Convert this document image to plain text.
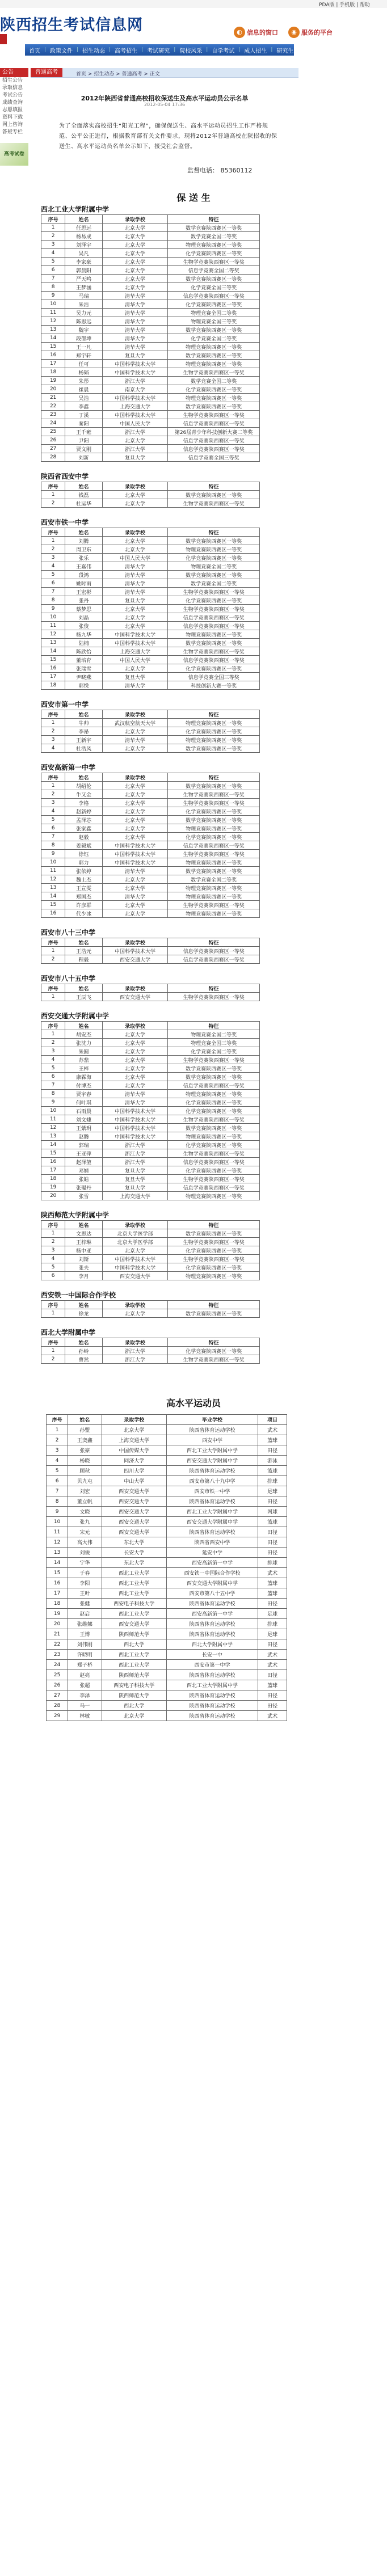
PDA版 | 手机版 | 帮助
陕西招生考试信息网	◐ 信息的窗口	◉ 服务的平台
首页 | 政策文件 | 招生动态 | 高考招生 | 考试研究 | 院校风采 | 自学考试 | 成人招生 | 研究生
公告
招生公告
录取信息
考试公告
成绩查询
志愿填报
资料下载
网上咨询
答疑专栏
高考试卷
普通高考	首页 > 招生动态 > 普通高考 > 正文
2012年陕西省普通高校招收保送生及高水平运动员公示名单
2012-05-04 17:36
为了全面落实高校招生“阳光工程”，确保保送生、高水平运动员招生工作严格规范、公平公正进行，根据教育部有关文件要求，现将2012年普通高校在陕招收的保送生、高水平运动员名单公示如下，接受社会监督。
监督电话： 85360112
保 送 生
西北工业大学附属中学
序号	姓名	录取学校	特征
1	任思远	北京大学	数学竞赛陕西赛区一等奖
2	杨易成	北京大学	数学竞赛全国二等奖
3	刘泽宇	北京大学	物理竞赛陕西赛区一等奖
4	吴凡	北京大学	化学竞赛陕西赛区一等奖
5	李家豪	北京大学	生物学竞赛陕西赛区一等奖
6	郭晨阳	北京大学	信息学竞赛全国二等奖
7	严天鸣	北京大学	数学竞赛陕西赛区一等奖
8	王梦涵	北京大学	化学竞赛全国三等奖
9	马瑞	清华大学	信息学竞赛陕西赛区一等奖
10	朱浩	清华大学	化学竞赛陕西赛区一等奖
11	吴力元	清华大学	物理竞赛全国二等奖
12	陈思远	清华大学	物理竞赛全国三等奖
13	魏宇	清华大学	数学竞赛陕西赛区一等奖
14	段邵坤	清华大学	化学竞赛全国二等奖
15	王一凡	清华大学	物理竞赛陕西赛区一等奖
16	郑宇轩	复旦大学	数学竞赛陕西赛区一等奖
17	任可	中国科学技术大学	物理竞赛陕西赛区一等奖
18	杨韬	中国科学技术大学	生物学竞赛陕西赛区一等奖
19	朱彤	浙江大学	数学竞赛全国二等奖
20	崔晨	南京大学	化学竞赛陕西赛区一等奖
21	吴浩	中国科学技术大学	物理竞赛陕西赛区一等奖
22	李鑫	上海交通大学	数学竞赛陕西赛区一等奖
23	丁溪	中国科学技术大学	生物学竞赛陕西赛区一等奖
24	秦阳	中国人民大学	信息学竞赛陕西赛区一等奖
25	王千雍	浙江大学	第26届青少年科技创新大赛二等奖
26	尹阳	北京大学	信息学竞赛陕西赛区一等奖
27	贾文刚	浙江大学	信息学竞赛陕西赛区一等奖
28	刘新	复旦大学	信息学竞赛全国三等奖
陕西省西安中学
序号	姓名	录取学校	特征
1	钱磊	北京大学	数学竞赛陕西赛区一等奖
2	杜运华	北京大学	生物学竞赛陕西赛区一等奖
西安市铁一中学
序号	姓名	录取学校	特征
1	刘腾	北京大学	数学竞赛陕西赛区一等奖
2	周卫东	北京大学	物理竞赛陕西赛区一等奖
3	张乐	中国人民大学	化学竞赛陕西赛区一等奖
4	王嘉伟	清华大学	物理竞赛全国二等奖
5	段鸿	清华大学	数学竞赛陕西赛区一等奖
6	姚时雨	清华大学	数学竞赛全国二等奖
7	王宏彬	清华大学	生物学竞赛陕西赛区一等奖
8	张丹	复旦大学	化学竞赛陕西赛区一等奖
9	蔡梦思	北京大学	生物学竞赛陕西赛区一等奖
10	刘晶	北京大学	信息学竞赛陕西赛区一等奖
11	张俊	北京大学	信息学竞赛陕西赛区一等奖
12	杨九华	中国科学技术大学	物理竞赛陕西赛区一等奖
13	陆楠	中国科学技术大学	数学竞赛陕西赛区一等奖
14	陈欣怡	上海交通大学	生物学竞赛陕西赛区一等奖
15	董培育	中国人民大学	信息学竞赛陕西赛区一等奖
16	张瑞雪	北京大学	化学竞赛陕西赛区一等奖
17	尹晓燕	复旦大学	信息学竞赛全国三等奖
18	郭悦	清华大学	科技创新大赛一等奖
西安市第一中学
序号	姓名	录取学校	特征
1	牛帅	武汉航空航天大学	物理竞赛陕西赛区一等奖
2	李昂	北京大学	化学竞赛陕西赛区一等奖
3	王新宇	清华大学	物理竞赛陕西赛区一等奖
4	杜浩风	北京大学	数学竞赛陕西赛区一等奖
西安高新第一中学
序号	姓名	录取学校	特征
1	胡绍伦	北京大学	数学竞赛陕西赛区一等奖
2	牛又金	北京大学	生物学竞赛陕西赛区一等奖
3	李格	北京大学	生物学竞赛陕西赛区一等奖
4	赵新婷	北京大学	化学竞赛陕西赛区一等奖
5	孟泽芯	北京大学	数学竞赛陕西赛区一等奖
6	张家鑫	北京大学	物理竞赛陕西赛区一等奖
7	赵毅	北京大学	化学竞赛陕西赛区一等奖
8	姜毅斌	中国科学技术大学	信息学竞赛陕西赛区一等奖
9	徐钰	中国科学技术大学	生物学竞赛陕西赛区一等奖
10	郭力	中国科学技术大学	物理竞赛陕西赛区一等奖
11	张依婷	清华大学	数学竞赛陕西赛区一等奖
12	魏士杰	北京大学	数学竞赛全国二等奖
13	王宣雯	北京大学	物理竞赛陕西赛区一等奖
14	郑国杰	清华大学	物理竞赛陕西赛区一等奖
15	许彦群	北京大学	生物学竞赛陕西赛区一等奖
16	代少冰	北京大学	物理竞赛陕西赛区一等奖
西安市八十三中学
序号	姓名	录取学校	特征
1	王浩元	中国科学技术大学	信息学竞赛陕西赛区一等奖
2	程毅	西安交通大学	信息学竞赛陕西赛区一等奖
西安市八十五中学
序号	姓名	录取学校	特征
1	王辰飞	西安交通大学	生物学竞赛陕西赛区一等奖
西安交通大学附属中学
序号	姓名	录取学校	特征
1	胡安杰	北京大学	物理竞赛全国二等奖
2	张沈力	北京大学	物理竞赛全国三等奖
3	朱圆	北京大学	化学竞赛全国二等奖
4	苏鼎	北京大学	生物学竞赛陕西赛区一等奖
5	王梓	北京大学	数学竞赛陕西赛区一等奖
6	康霖海	北京大学	数学竞赛陕西赛区一等奖
7	付博杰	北京大学	信息学竞赛陕西赛区一等奖
8	贾宇春	清华大学	物理竞赛陕西赛区一等奖
9	何叶琪	清华大学	化学竞赛陕西赛区一等奖
10	石雨晨	中国科学技术大学	化学竞赛陕西赛区一等奖
11	刘文婕	中国科学技术大学	生物学竞赛陕西赛区一等奖
12	王紫玥	中国科学技术大学	数学竞赛陕西赛区一等奖
13	赵腾	中国科学技术大学	物理竞赛陕西赛区一等奖
14	郭瑞	浙江大学	化学竞赛陕西赛区一等奖
15	王亚萍	浙江大学	生物学竞赛陕西赛区一等奖
16	赵泽堃	浙江大学	信息学竞赛陕西赛区一等奖
17	邓婧	复旦大学	化学竞赛陕西赛区一等奖
18	张皓	复旦大学	生物学竞赛陕西赛区一等奖
19	张韫丹	复旦大学	信息学竞赛陕西赛区一等奖
20	张雪	上海交通大学	物理竞赛陕西赛区一等奖
陕西师范大学附属中学
序号	姓名	录取学校	特征
1	文思达	北京大学医学部	数学竞赛陕西赛区一等奖
2	王梓琳	北京大学医学部	生物学竞赛陕西赛区一等奖
3	杨中亚	北京大学	化学竞赛陕西赛区一等奖
4	刘斯	中国科学技术大学	生物学竞赛陕西赛区一等奖
5	张夫	中国科学技术大学	化学竞赛陕西赛区一等奖
6	李月	西安交通大学	物理竞赛陕西赛区一等奖
西安铁一中国际合作学校
序号	姓名	录取学校	特征
1	徐龙	北京大学	数学竞赛陕西赛区一等奖
西北大学附属中学
序号	姓名	录取学校	特征
1	孙岭	浙江大学	化学竞赛陕西赛区一等奖
2	曹然	浙江大学	生物学竞赛陕西赛区一等奖
高水平运动员
序号	姓名	录取学校	毕业学校	项目
1	孙盟	北京大学	陕西省体育运动学校	武术
2	王奕鑫	上海交通大学	西安中学	篮球
3	张豪	中国传媒大学	西北工业大学附属中学	田径
4	杨晓	同济大学	西安交通大学附属中学	游泳
5	顾秋	四川大学	陕西省体育运动学校	篮球
6	贝九屯	中山大学	西安市第八十九中学	排球
7	刘宏	西安交通大学	西安市铁一中学	足球
8	董立帆	西安交通大学	陕西省体育运动学校	田径
9	文晓	西安交通大学	西北工业大学附属中学	网球
10	张九	西安交通大学	西安交通大学附属中学	篮球
11	宋元	西安交通大学	陕西省体育运动学校	田径
12	高大伟	东北大学	陕西省西安中学	田径
13	刘俊	长安大学	延安中学	田径
14	宁华	东北大学	西安高新第一中学	排球
15	于春	西北工业大学	西安铁一中国际合作学校	武术
16	李阳	西北工业大学	西安交通大学附属中学	篮球
17	王叶	西北工业大学	西安市第八十五中学	篮球
18	张健	西安电子科技大学	陕西省体育运动学校	田径
19	赵启	西北工业大学	西安高新第一中学	足球
20	张维娜	西安交通大学	陕西省体育运动学校	排球
21	王博	陕西师范大学	陕西省体育运动学校	足球
22	刘伟刚	西北大学	西北大学附属中学	田径
23	许晓明	西北工业大学	长安一中	武术
24	郑子桥	西北工业大学	西安市第一中学	武术
25	赵亮	陕西师范大学	陕西省体育运动学校	田径
26	张超	西安电子科技大学	西北工业大学附属中学	篮球
27	李泽	陕西师范大学	陕西省体育运动学校	田径
28	马一	西北大学	陕西省体育运动学校	田径
29	林敏	北京大学	陕西省体育运动学校	武术
